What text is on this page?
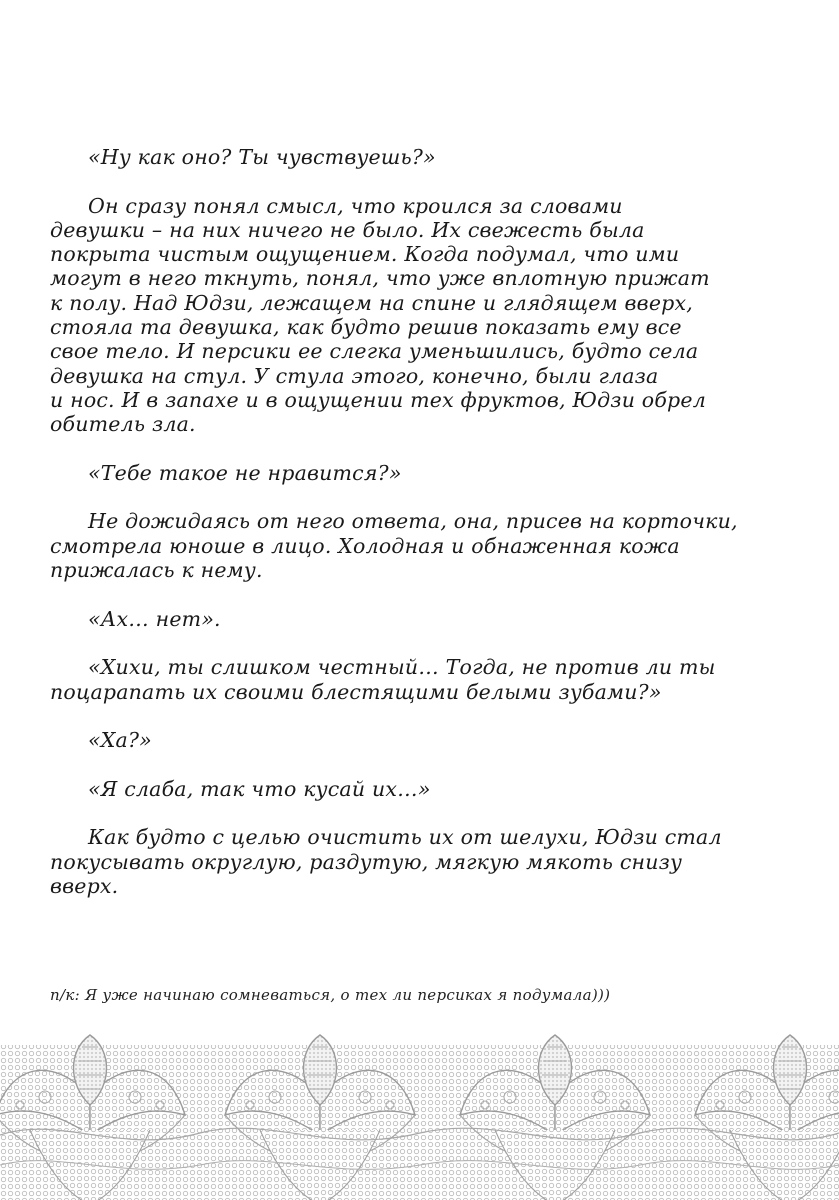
«Ну как оно? Ты чувствуешь?»

Он сразу понял смысл, что кроился за словами
девушки – на них ничего не было. Их свежесть была
покрыта чистым ощущением. Когда подумал, что ими
могут в него ткнуть, понял, что уже вплотную прижат
к полу. Над Юдзи, лежащем на спине и глядящем вверх,
стояла та девушка, как будто решив показать ему все
свое тело. И персики ее слегка уменьшились, будто села
девушка на стул. У стула этого, конечно, были глаза
и нос. И в запахе и в ощущении тех фруктов, Юдзи обрел
обитель зла.

«Тебе такое не нравится?»

Не дожидаясь от него ответа, она, присев на корточки,
смотрела юноше в лицо. Холодная и обнаженная кожа
прижалась к нему.

«Ах… нет».

«Хихи, ты слишком честный… Тогда, не против ли ты
поцарапать их своими блестящими белыми зубами?»

«Ха?»

«Я слаба, так что кусай их…»

Как будто с целью очистить их от шелухи, Юдзи стал
покусывать округлую, раздутую, мягкую мякоть снизу
вверх.

п/к: Я уже начинаю сомневаться, о тех ли персиках я подумала)))
